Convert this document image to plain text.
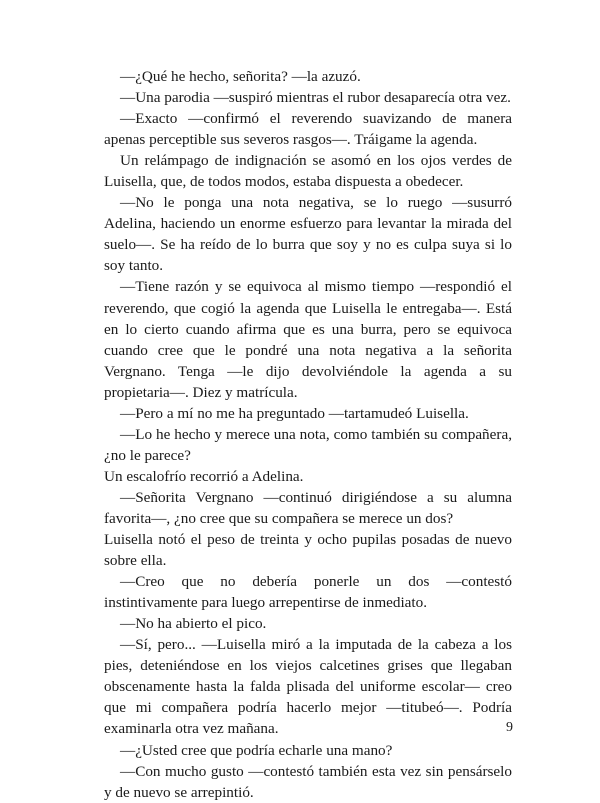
—¿Qué he hecho, señorita? —la azuzó.

—Una parodia —suspiró mientras el rubor desaparecía otra vez.

—Exacto —confirmó el reverendo suavizando de manera apenas perceptible sus severos rasgos—. Tráigame la agenda.

Un relámpago de indignación se asomó en los ojos verdes de Luisella, que, de todos modos, estaba dispuesta a obedecer.

—No le ponga una nota negativa, se lo ruego —susurró Adelina, haciendo un enorme esfuerzo para levantar la mirada del suelo—. Se ha reído de lo burra que soy y no es culpa suya si lo soy tanto.

—Tiene razón y se equivoca al mismo tiempo —respondió el reverendo, que cogió la agenda que Luisella le entregaba—. Está en lo cierto cuando afirma que es una burra, pero se equivoca cuando cree que le pondré una nota negativa a la señorita Vergnano. Tenga —le dijo devolviéndole la agenda a su propietaria—. Diez y matrícula.

—Pero a mí no me ha preguntado —tartamudeó Luisella.

—Lo he hecho y merece una nota, como también su compañera, ¿no le parece?

Un escalofrío recorrió a Adelina.

—Señorita Vergnano —continuó dirigiéndose a su alumna favorita—, ¿no cree que su compañera se merece un dos?

Luisella notó el peso de treinta y ocho pupilas posadas de nuevo sobre ella.

—Creo que no debería ponerle un dos —contestó instintivamente para luego arrepentirse de inmediato.

—No ha abierto el pico.

—Sí, pero... —Luisella miró a la imputada de la cabeza a los pies, deteniéndose en los viejos calcetines grises que llegaban obscenamente hasta la falda plisada del uniforme escolar— creo que mi compañera podría hacerlo mejor —titubeó—. Podría examinarla otra vez mañana.

—¿Usted cree que podría echarle una mano?

—Con mucho gusto —contestó también esta vez sin pensárselo y de nuevo se arrepintió.

9
